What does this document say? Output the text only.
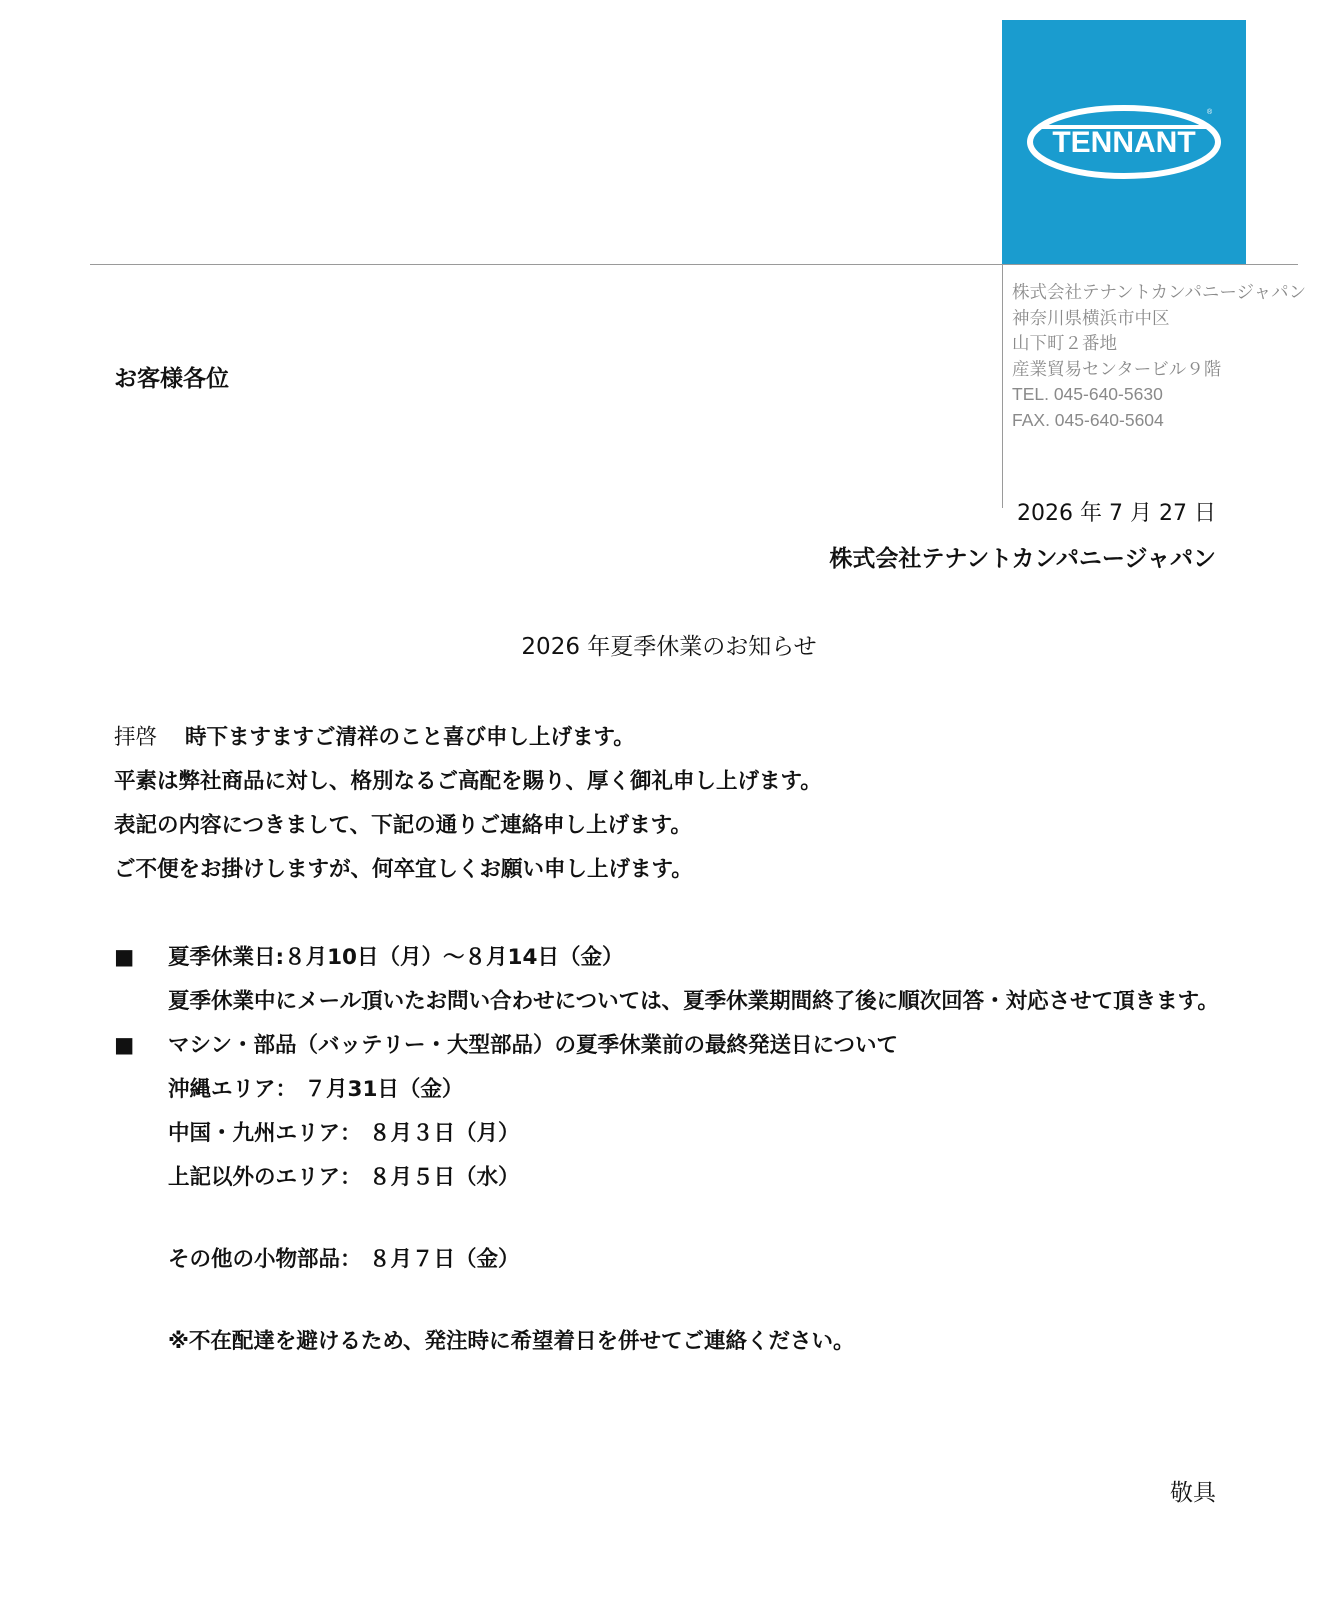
TENNANT
®
株式会社テナントカンパニージャパン
神奈川県横浜市中区
山下町２番地
産業貿易センタービル９階
TEL. 045-640-5630
FAX. 045-640-5604
お客様各位
2026 年 7 月 27 日
株式会社テナントカンパニージャパン
2026 年夏季休業のお知らせ
拝啓 時下ますますご清祥のこと喜び申し上げます。
平素は弊社商品に対し、格別なるご高配を賜り、厚く御礼申し上げます。
表記の内容につきまして、下記の通りご連絡申し上げます。
ご不便をお掛けしますが、何卒宜しくお願い申し上げます。
■ 夏季休業日:８月10日（月）～８月14日（金）
夏季休業中にメール頂いたお問い合わせについては、夏季休業期間終了後に順次回答・対応させて頂きます。
■ マシン・部品（バッテリー・大型部品）の夏季休業前の最終発送日について
沖縄エリア： ７月31日（金）
中国・九州エリア： ８月３日（月）
上記以外のエリア： ８月５日（水）
その他の小物部品： ８月７日（金）
※不在配達を避けるため、発注時に希望着日を併せてご連絡ください。
敬具
